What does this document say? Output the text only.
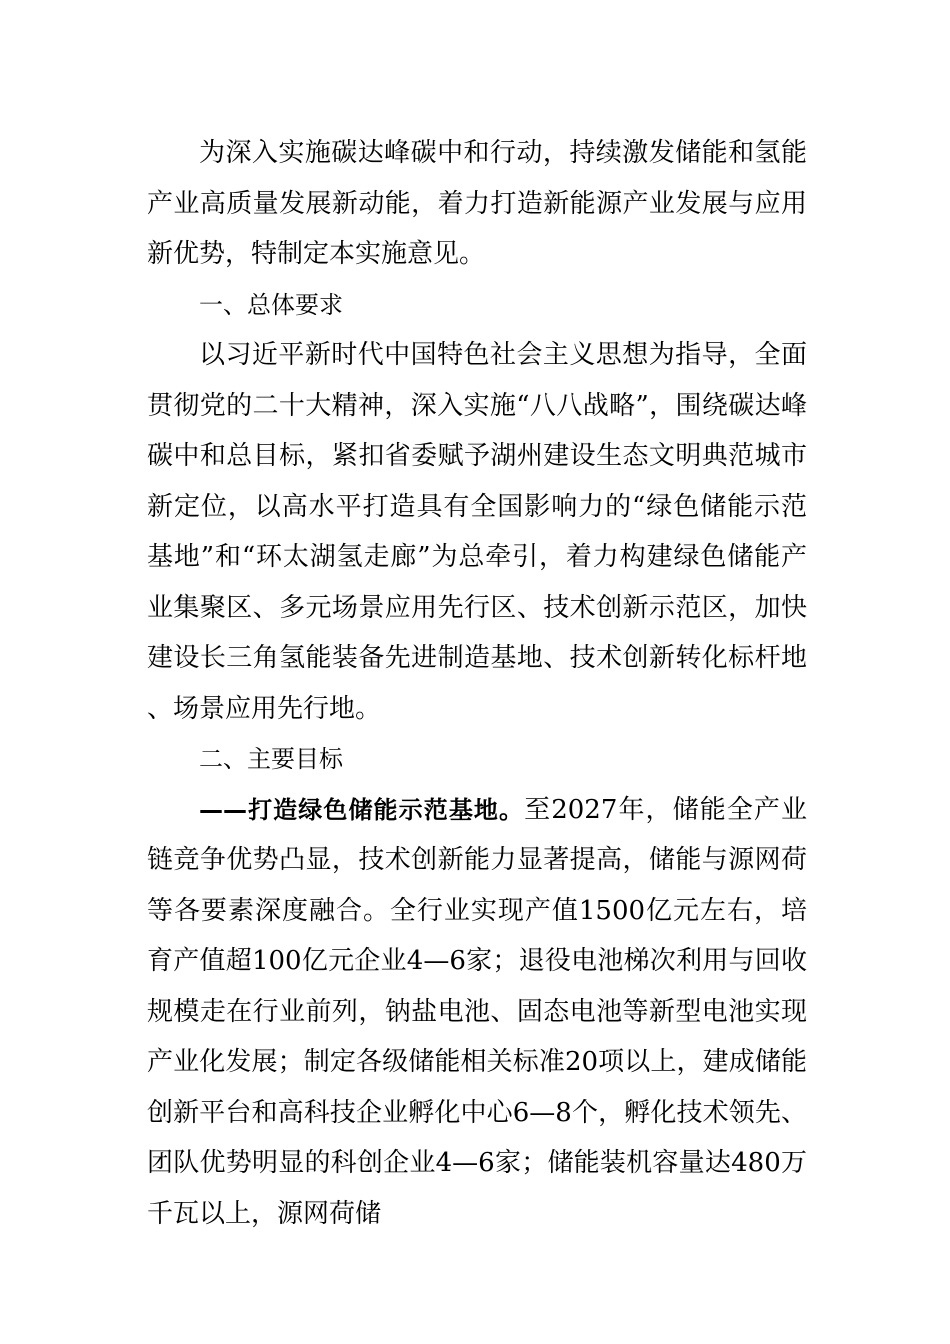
为深入实施碳达峰碳中和行动，持续激发储能和氢能产业高质量发展新动能，着力打造新能源产业发展与应用新优势，特制定本实施意见。

一、总体要求

以习近平新时代中国特色社会主义思想为指导，全面贯彻党的二十大精神，深入实施“八八战略”，围绕碳达峰碳中和总目标，紧扣省委赋予湖州建设生态文明典范城市新定位，以高水平打造具有全国影响力的“绿色储能示范基地”和“环太湖氢走廊”为总牵引，着力构建绿色储能产业集聚区、多元场景应用先行区、技术创新示范区，加快建设长三角氢能装备先进制造基地、技术创新转化标杆地、场景应用先行地。

二、主要目标

——打造绿色储能示范基地。至2027年，储能全产业链竞争优势凸显，技术创新能力显著提高，储能与源网荷等各要素深度融合。全行业实现产值1500亿元左右，培育产值超100亿元企业4—6家；退役电池梯次利用与回收规模走在行业前列，钠盐电池、固态电池等新型电池实现产业化发展；制定各级储能相关标准20项以上，建成储能创新平台和高科技企业孵化中心6—8个，孵化技术领先、团队优势明显的科创企业4—6家；储能装机容量达480万千瓦以上，源网荷储
